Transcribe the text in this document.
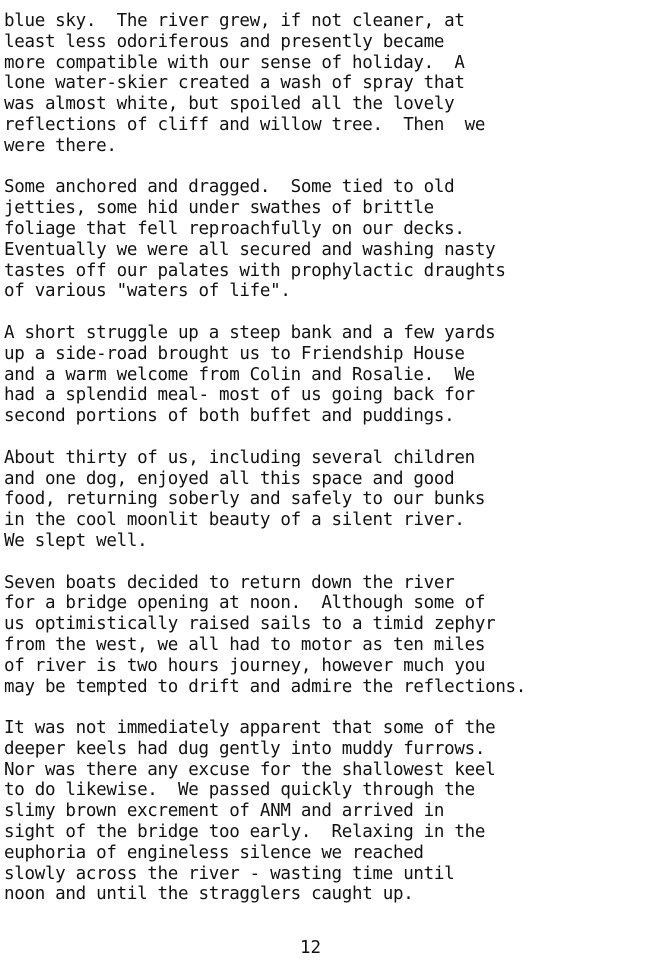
blue sky.  The river grew, if not cleaner, at
least less odoriferous and presently became
more compatible with our sense of holiday.  A
lone water-skier created a wash of spray that
was almost white, but spoiled all the lovely
reflections of cliff and willow tree.  Then  we
were there.
Some anchored and dragged.  Some tied to old
jetties, some hid under swathes of brittle
foliage that fell reproachfully on our decks.
Eventually we were all secured and washing nasty
tastes off our palates with prophylactic draughts
of various "waters of life".
A short struggle up a steep bank and a few yards
up a side-road brought us to Friendship House
and a warm welcome from Colin and Rosalie.  We
had a splendid meal- most of us going back for
second portions of both buffet and puddings.
About thirty of us, including several children
and one dog, enjoyed all this space and good
food, returning soberly and safely to our bunks
in the cool moonlit beauty of a silent river.
We slept well.
Seven boats decided to return down the river
for a bridge opening at noon.  Although some of
us optimistically raised sails to a timid zephyr
from the west, we all had to motor as ten miles
of river is two hours journey, however much you
may be tempted to drift and admire the reflections.
It was not immediately apparent that some of the
deeper keels had dug gently into muddy furrows.
Nor was there any excuse for the shallowest keel
to do likewise.  We passed quickly through the
slimy brown excrement of ANM and arrived in
sight of the bridge too early.  Relaxing in the
euphoria of engineless silence we reached
slowly across the river - wasting time until
noon and until the stragglers caught up.
12
